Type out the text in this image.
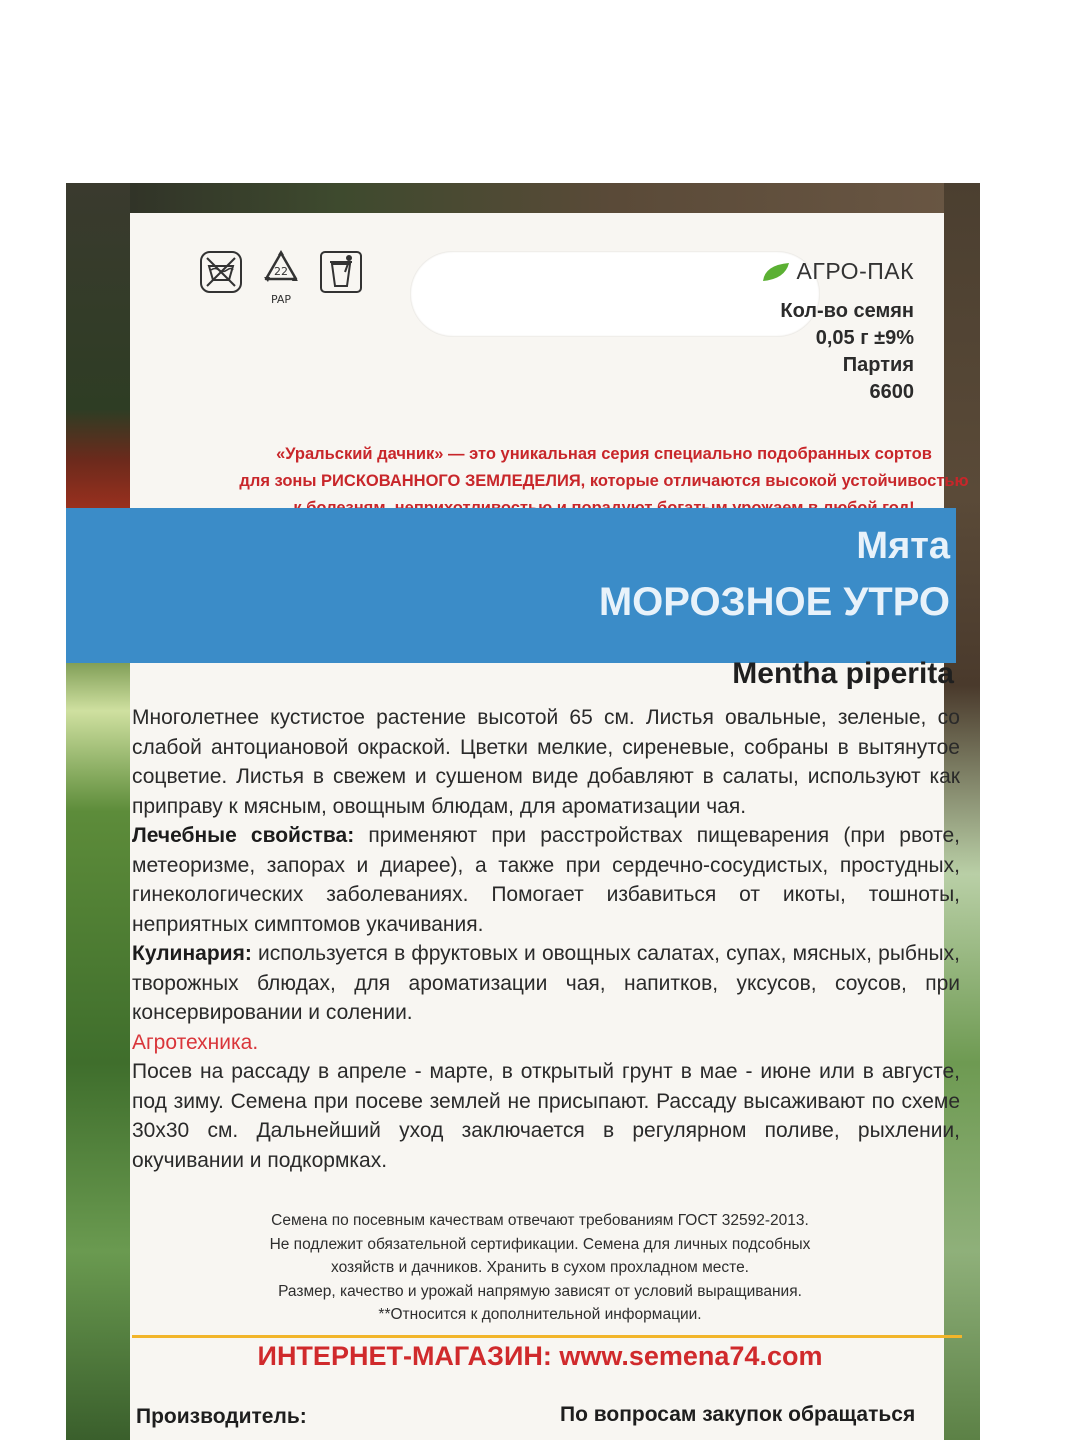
22
PAP
АГРО-ПАК
Кол-во семян
0,05 г ±9%
Партия
6600
«Уральский дачник» — это уникальная серия специально подобранных сортов
для зоны РИСКОВАННОГО ЗЕМЛЕДЕЛИЯ, которые отличаются высокой устойчивостью
Мята
МОРОЗНОЕ УТРО
Mentha piperita

Многолетнее кустистое растение высотой 65 см. Листья овальные, зеленые, со слабой антоциановой окраской. Цветки мелкие, сиреневые, собраны в вытянутое соцветие. Листья в свежем и сушеном виде добавляют в салаты, используют как приправу к мясным, овощным блюдам, для ароматизации чая.

Лечебные свойства: применяют при расстройствах пищеварения (при рвоте, метеоризме, запорах и диарее), а также при сердечно-сосудистых, простудных, гинекологических заболеваниях. Помогает избавиться от икоты, тошноты, неприятных симптомов укачивания.

Кулинария: используется в фруктовых и овощных салатах, супах, мясных, рыбных, творожных блюдах, для ароматизации чая, напитков, уксусов, соусов, при консервировании и солении.

Агротехника.

Посев на рассаду в апреле - марте, в открытый грунт в мае - июне или в августе, под зиму. Семена при посеве землей не присыпают. Рассаду высаживают по схеме 30х30 см. Дальнейший уход заключается в регулярном поливе, рыхлении, окучивании и подкормках.

Семена по посевным качествам отвечают требованиям ГОСТ 32592-2013.
Не подлежит обязательной сертификации. Семена для личных подсобных
хозяйств и дачников. Хранить в сухом прохладном месте.
Размер, качество и урожай напрямую зависят от условий выращивания.
**Относится к дополнительной информации.
ИНТЕРНЕТ-МАГАЗИН: www.semena74.com
Производитель:	По вопросам закупок обращаться
